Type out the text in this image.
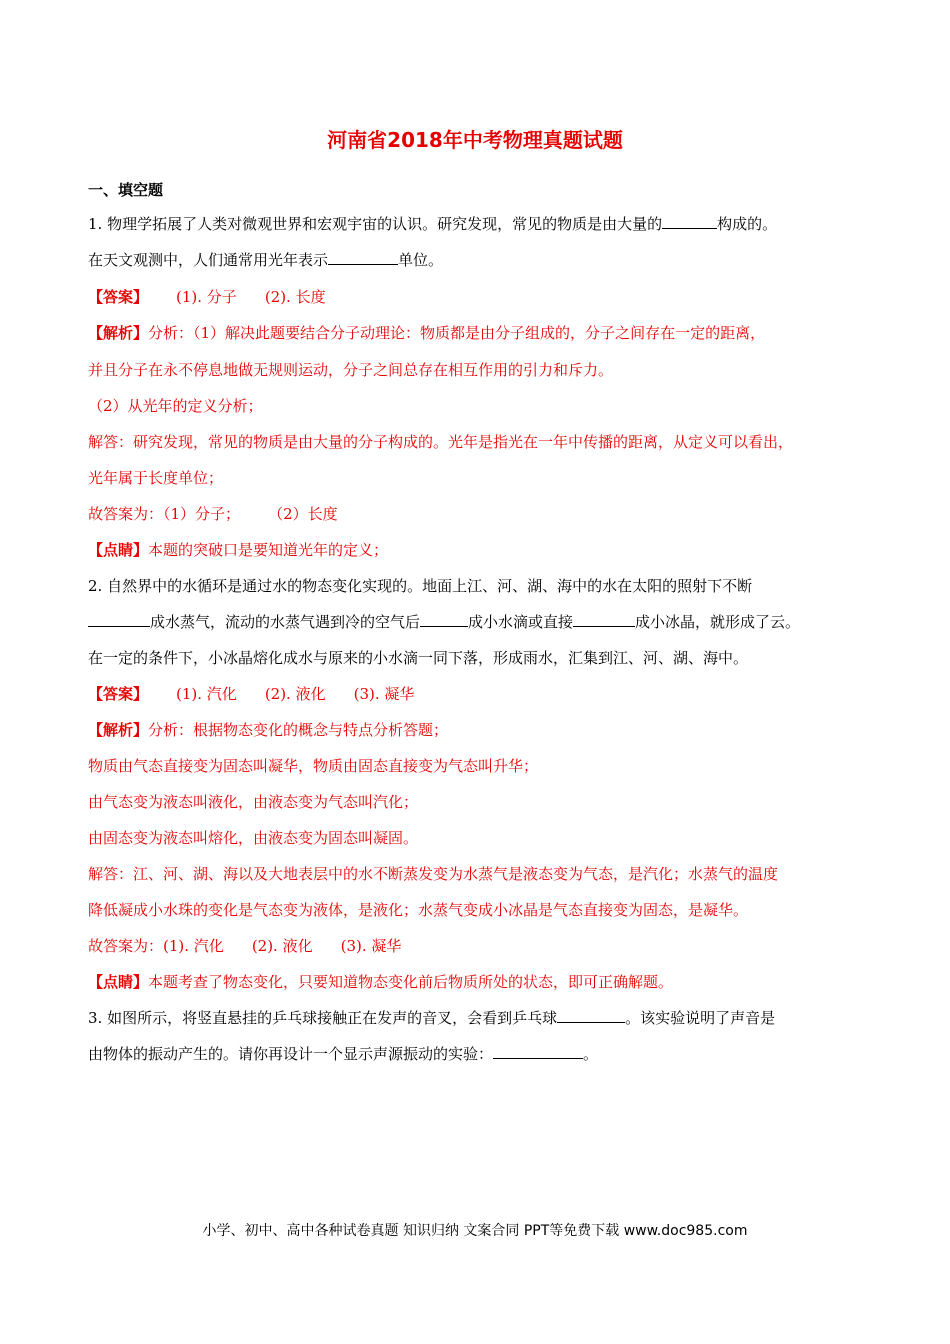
河南省2018年中考物理真题试题
一、填空题
1. 物理学拓展了人类对微观世界和宏观宇宙的认识。研究发现，常见的物质是由大量的	构成的。
在天文观测中，人们通常用光年表示	单位。
【答案】 (1). 分子 (2). 长度
【解析】分析：（1）解决此题要结合分子动理论：物质都是由分子组成的，分子之间存在一定的距离，
并且分子在永不停息地做无规则运动，分子之间总存在相互作用的引力和斥力。
（2）从光年的定义分析；
解答：研究发现，常见的物质是由大量的分子构成的。光年是指光在一年中传播的距离，从定义可以看出，
光年属于长度单位；
故答案为：（1）分子； （2）长度
【点睛】本题的突破口是要知道光年的定义；
2. 自然界中的水循环是通过水的物态变化实现的。地面上江、河、湖、海中的水在太阳的照射下不断
成水蒸气，流动的水蒸气遇到冷的空气后	成小水滴或直接	成小冰晶，就形成了云。
在一定的条件下，小冰晶熔化成水与原来的小水滴一同下落，形成雨水，汇集到江、河、湖、海中。
【答案】 (1). 汽化 (2). 液化 (3). 凝华
【解析】分析：根据物态变化的概念与特点分析答题；
物质由气态直接变为固态叫凝华，物质由固态直接变为气态叫升华；
由气态变为液态叫液化，由液态变为气态叫汽化；
由固态变为液态叫熔化，由液态变为固态叫凝固。
解答：江、河、湖、海以及大地表层中的水不断蒸发变为水蒸气是液态变为气态，是汽化；水蒸气的温度
降低凝成小水珠的变化是气态变为液体，是液化；水蒸气变成小冰晶是气态直接变为固态，是凝华。
故答案为：(1). 汽化 (2). 液化 (3). 凝华
【点睛】本题考查了物态变化，只要知道物态变化前后物质所处的状态，即可正确解题。
3. 如图所示，将竖直悬挂的乒乓球接触正在发声的音叉，会看到乒乓球	。该实验说明了声音是
由物体的振动产生的。请你再设计一个显示声源振动的实验：	。
小学、初中、高中各种试卷真题 知识归纳 文案合同 PPT等免费下载 www.doc985.com
